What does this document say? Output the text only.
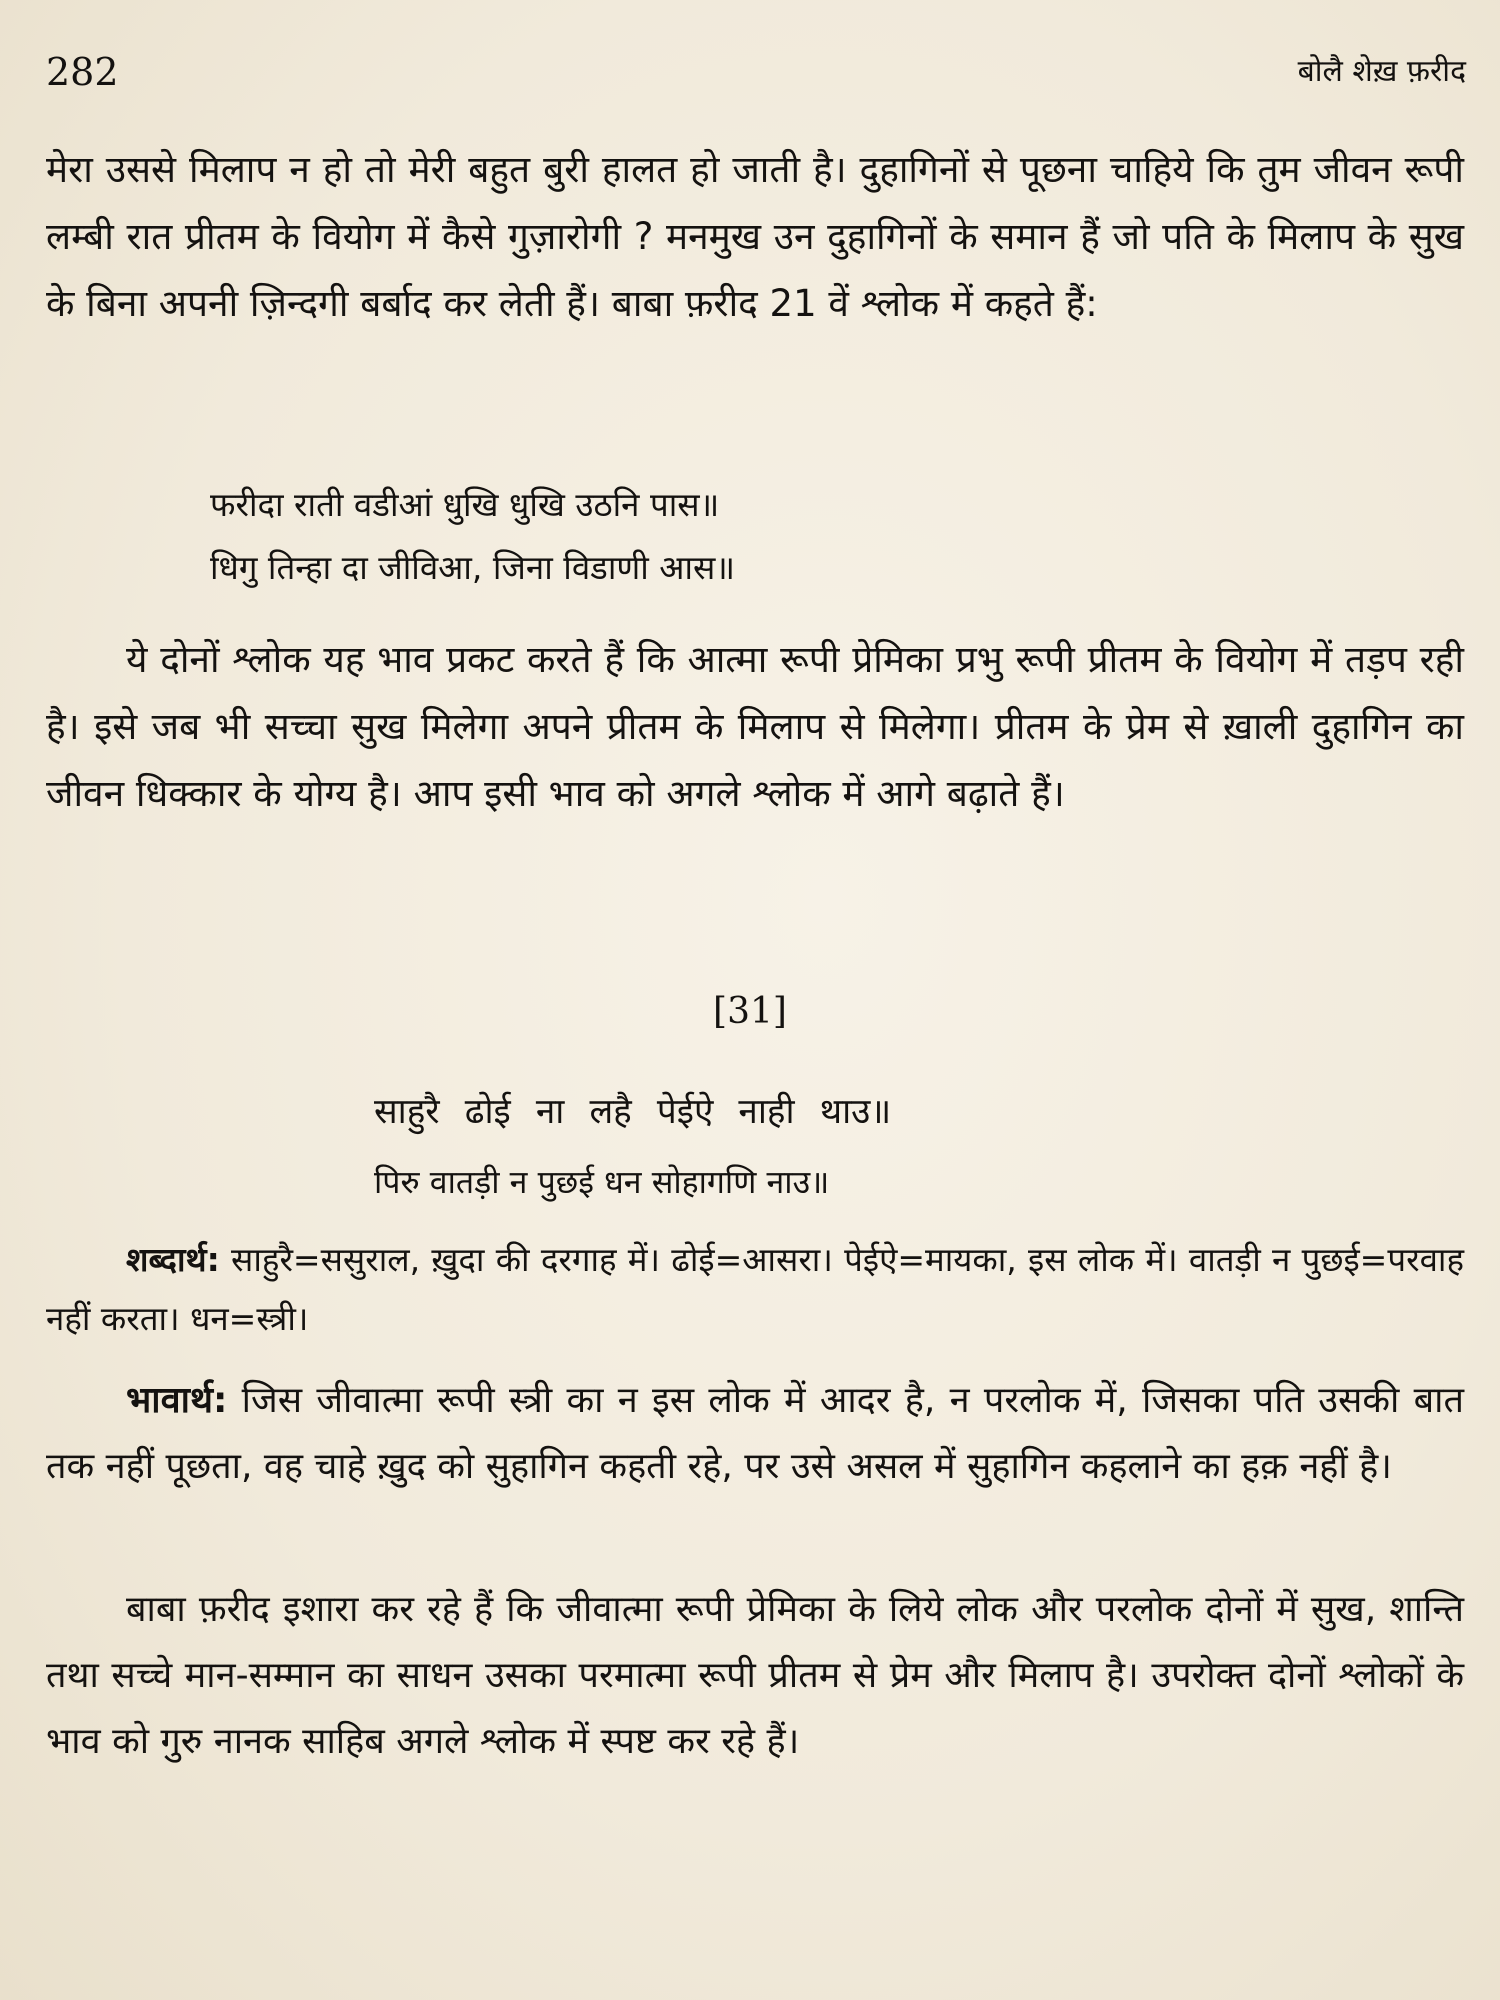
282	बोलै शेख़ फ़रीद

मेरा उससे मिलाप न हो तो मेरी बहुत बुरी हालत हो जाती है। दुहागिनों से पूछना चाहिये कि तुम जीवन रूपी लम्बी रात प्रीतम के वियोग में कैसे गुज़ारोगी ? मनमुख उन दुहागिनों के समान हैं जो पति के मिलाप के सुख के बिना अपनी ज़िन्दगी बर्बाद कर लेती हैं। बाबा फ़रीद 21 वें श्लोक में कहते हैं:

फरीदा राती वडीआं धुखि धुखि उठनि पास॥
धिगु तिन्हा दा जीविआ, जिना विडाणी आस॥

ये दोनों श्लोक यह भाव प्रकट करते हैं कि आत्मा रूपी प्रेमिका प्रभु रूपी प्रीतम के वियोग में तड़प रही है। इसे जब भी सच्चा सुख मिलेगा अपने प्रीतम के मिलाप से मिलेगा। प्रीतम के प्रेम से ख़ाली दुहागिन का जीवन धिक्कार के योग्य है। आप इसी भाव को अगले श्लोक में आगे बढ़ाते हैं।

[31]
साहुरै ढोई ना लहै पेईऐ नाही थाउ॥
पिरु वातड़ी न पुछई धन सोहागणि नाउ॥

शब्दार्थ: साहुरै=ससुराल, ख़ुदा की दरगाह में। ढोई=आसरा। पेईऐ=मायका, इस लोक में। वातड़ी न पुछई=परवाह नहीं करता। धन=स्त्री।

भावार्थ: जिस जीवात्मा रूपी स्त्री का न इस लोक में आदर है, न परलोक में, जिसका पति उसकी बात तक नहीं पूछता, वह चाहे ख़ुद को सुहागिन कहती रहे, पर उसे असल में सुहागिन कहलाने का हक़ नहीं है।

बाबा फ़रीद इशारा कर रहे हैं कि जीवात्मा रूपी प्रेमिका के लिये लोक और परलोक दोनों में सुख, शान्ति तथा सच्चे मान-सम्मान का साधन उसका परमात्मा रूपी प्रीतम से प्रेम और मिलाप है। उपरोक्त दोनों श्लोकों के भाव को गुरु नानक साहिब अगले श्लोक में स्पष्ट कर रहे हैं।
